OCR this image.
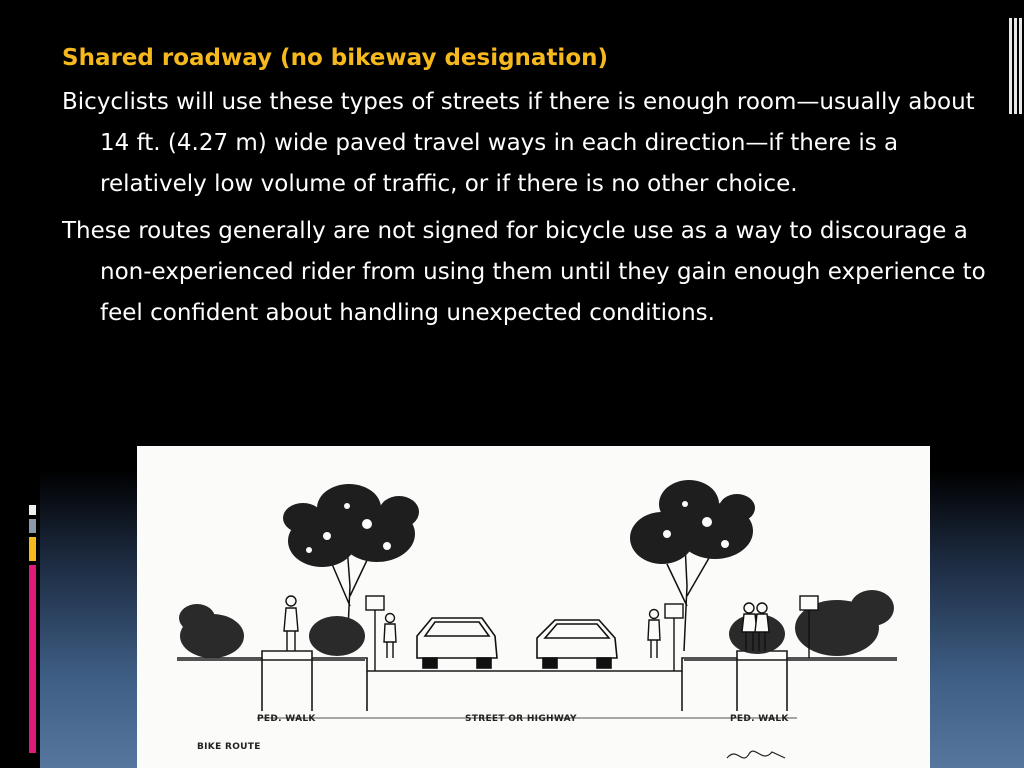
Shared roadway (no bikeway designation)
Bicyclists will use these types of streets if there is enough room—usually about 14 ft. (4.27 m) wide paved travel ways in each direction—if there is a relatively low volume of traffic, or if there is no other choice.
These routes generally are not signed for bicycle use as a way to discourage a non-experienced rider from using them until they gain enough experience to feel confident about handling unexpected conditions.
PED. WALK	STREET OR HIGHWAY	PED. WALK
BIKE ROUTE
